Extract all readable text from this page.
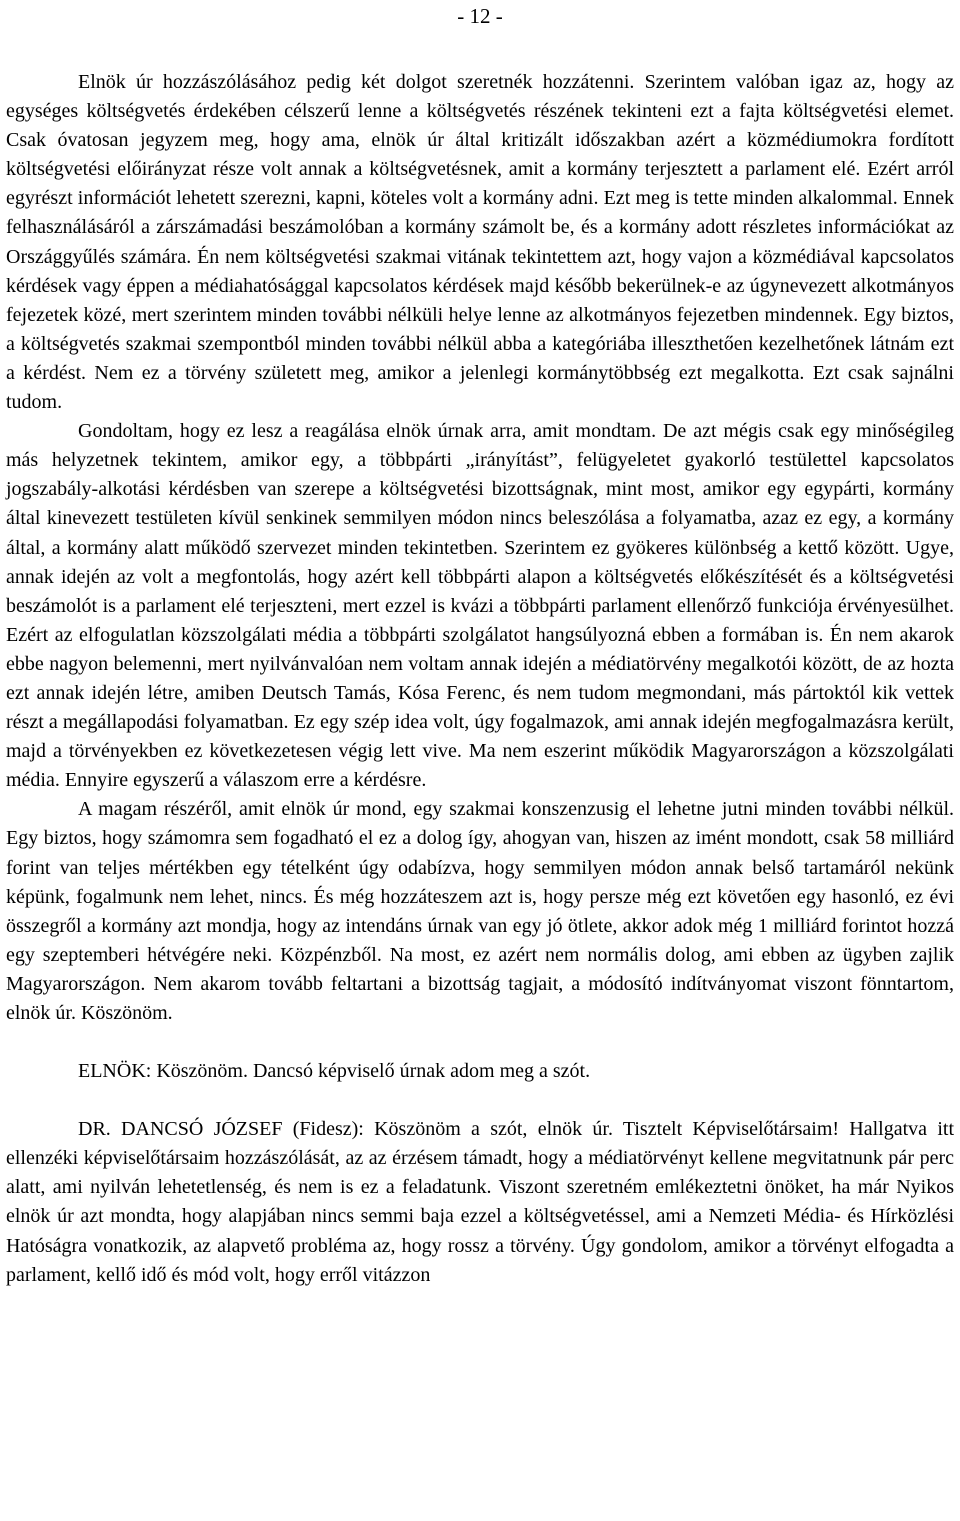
- 12 -

Elnök úr hozzászólásához pedig két dolgot szeretnék hozzátenni. Szerintem valóban igaz az, hogy az egységes költségvetés érdekében célszerű lenne a költségvetés részének tekinteni ezt a fajta költségvetési elemet. Csak óvatosan jegyzem meg, hogy ama, elnök úr által kritizált időszakban azért a közmédiumokra fordított költségvetési előirányzat része volt annak a költségvetésnek, amit a kormány terjesztett a parlament elé. Ezért arról egyrészt információt lehetett szerezni, kapni, köteles volt a kormány adni. Ezt meg is tette minden alkalommal. Ennek felhasználásáról a zárszámadási beszámolóban a kormány számolt be, és a kormány adott részletes információkat az Országgyűlés számára. Én nem költségvetési szakmai vitának tekintettem azt, hogy vajon a közmédiával kapcsolatos kérdések vagy éppen a médiahatósággal kapcsolatos kérdések majd később bekerülnek-e az úgynevezett alkotmányos fejezetek közé, mert szerintem minden további nélküli helye lenne az alkotmányos fejezetben mindennek. Egy biztos, a költségvetés szakmai szempontból minden további nélkül abba a kategóriába illeszthetően kezelhetőnek látnám ezt a kérdést. Nem ez a törvény született meg, amikor a jelenlegi kormánytöbbség ezt megalkotta. Ezt csak sajnálni tudom.

Gondoltam, hogy ez lesz a reagálása elnök úrnak arra, amit mondtam. De azt mégis csak egy minőségileg más helyzetnek tekintem, amikor egy, a többpárti „irányítást”, felügyeletet gyakorló testülettel kapcsolatos jogszabály-alkotási kérdésben van szerepe a költségvetési bizottságnak, mint most, amikor egy egypárti, kormány által kinevezett testületen kívül senkinek semmilyen módon nincs beleszólása a folyamatba, azaz ez egy, a kormány által, a kormány alatt működő szervezet minden tekintetben. Szerintem ez gyökeres különbség a kettő között. Ugye, annak idején az volt a megfontolás, hogy azért kell többpárti alapon a költségvetés előkészítését és a költségvetési beszámolót is a parlament elé terjeszteni, mert ezzel is kvázi a többpárti parlament ellenőrző funkciója érvényesülhet. Ezért az elfogulatlan közszolgálati média a többpárti szolgálatot hangsúlyozná ebben a formában is. Én nem akarok ebbe nagyon belemenni, mert nyilvánvalóan nem voltam annak idején a médiatörvény megalkotói között, de az hozta ezt annak idején létre, amiben Deutsch Tamás, Kósa Ferenc, és nem tudom megmondani, más pártoktól kik vettek részt a megállapodási folyamatban. Ez egy szép idea volt, úgy fogalmazok, ami annak idején megfogalmazásra került, majd a törvényekben ez következetesen végig lett vive. Ma nem eszerint működik Magyarországon a közszolgálati média. Ennyire egyszerű a válaszom erre a kérdésre.

A magam részéről, amit elnök úr mond, egy szakmai konszenzusig el lehetne jutni minden további nélkül. Egy biztos, hogy számomra sem fogadható el ez a dolog így, ahogyan van, hiszen az imént mondott, csak 58 milliárd forint van teljes mértékben egy tételként úgy odabízva, hogy semmilyen módon annak belső tartamáról nekünk képünk, fogalmunk nem lehet, nincs. És még hozzáteszem azt is, hogy persze még ezt követően egy hasonló, ez évi összegről a kormány azt mondja, hogy az intendáns úrnak van egy jó ötlete, akkor adok még 1 milliárd forintot hozzá egy szeptemberi hétvégére neki. Közpénzből. Na most, ez azért nem normális dolog, ami ebben az ügyben zajlik Magyarországon. Nem akarom tovább feltartani a bizottság tagjait, a módosító indítványomat viszont fönntartom, elnök úr. Köszönöm.

ELNÖK: Köszönöm. Dancsó képviselő úrnak adom meg a szót.

DR. DANCSÓ JÓZSEF (Fidesz): Köszönöm a szót, elnök úr. Tisztelt Képviselőtársaim! Hallgatva itt ellenzéki képviselőtársaim hozzászólását, az az érzésem támadt, hogy a médiatörvényt kellene megvitatnunk pár perc alatt, ami nyilván lehetetlenség, és nem is ez a feladatunk. Viszont szeretném emlékeztetni önöket, ha már Nyikos elnök úr azt mondta, hogy alapjában nincs semmi baja ezzel a költségvetéssel, ami a Nemzeti Média- és Hírközlési Hatóságra vonatkozik, az alapvető probléma az, hogy rossz a törvény. Úgy gondolom, amikor a törvényt elfogadta a parlament, kellő idő és mód volt, hogy erről vitázzon
